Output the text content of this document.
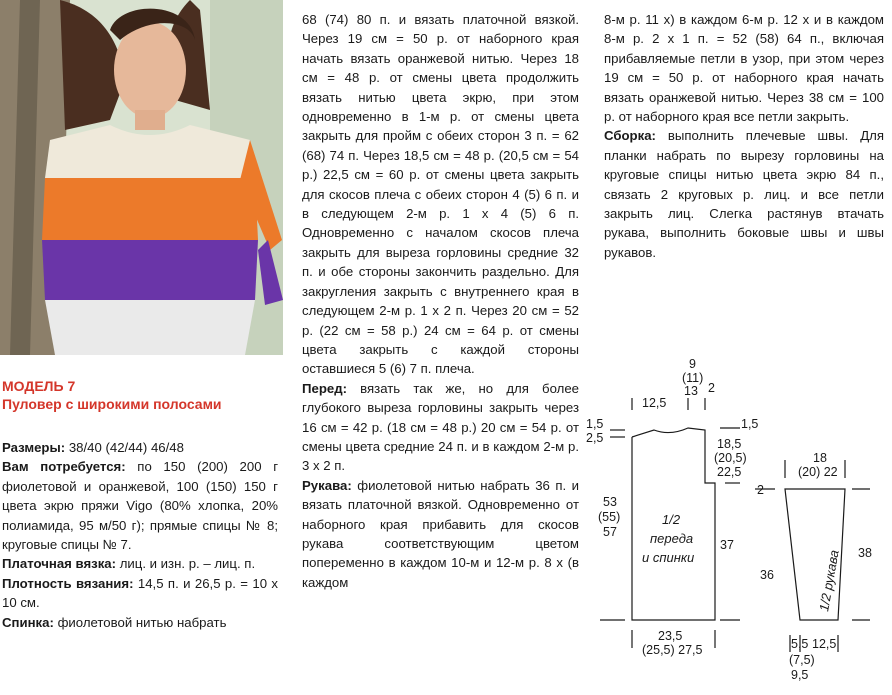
МОДЕЛЬ 7
Пуловер с широкими полосами

Размеры: 38/40 (42/44) 46/48

Вам потребуется: по 150 (200) 200 г фиолетовой и оранжевой, 100 (150) 150 г цвета экрю пряжи Vigo (80% хлопка, 20% полиамида, 95 м/50 г); прямые спицы № 8; круговые спицы № 7.

Платочная вязка: лиц. и изн. р. – лиц. п.

Плотность вязания: 14,5 п. и 26,5 р. = 10 х 10 см.

Спинка: фиолетовой нитью набрать

68 (74) 80 п. и вязать платочной вязкой. Через 19 см = 50 р. от наборного края начать вязать оранжевой нитью. Через 18 см = 48 р. от смены цвета продолжить вязать нитью цвета экрю, при этом одновременно в 1-м р. от смены цвета закрыть для пройм с обеих сторон 3 п. = 62 (68) 74 п. Через 18,5 см = 48 р. (20,5 см = 54 р.) 22,5 см = 60 р. от смены цвета закрыть для скосов плеча с обеих сторон 4 (5) 6 п. и в следующем 2-м р. 1 х 4 (5) 6 п. Одновременно с началом скосов плеча закрыть для выреза горловины средние 32 п. и обе стороны закончить раздельно. Для закругления закрыть с внутреннего края в следующем 2-м р. 1 х 2 п. Через 20 см = 52 р. (22 см = 58 р.) 24 см = 64 р. от смены цвета закрыть с каждой стороны оставшиеся 5 (6) 7 п. плеча.

Перед: вязать так же, но для более глубокого выреза горловины закрыть через 16 см = 42 р. (18 см = 48 р.) 20 см = 54 р. от смены цвета средние 24 п. и в каждом 2-м р. 3 х 2 п.

Рукава: фиолетовой нитью набрать 36 п. и вязать платочной вязкой. Одновременно от наборного края прибавить для скосов рукава соответствующим цветом попеременно в каждом 10-м и 12-м р. 8 х (в каждом

8-м р. 11 х) в каждом 6-м р. 12 х и в каждом 8-м р. 2 х 1 п. = 52 (58) 64 п., включая прибавляемые петли в узор, при этом через 19 см = 50 р. от наборного края начать вязать оранжевой нитью. Через 38 см = 100 р. от наборного края все петли закрыть.

Сборка: выполнить плечевые швы. Для планки набрать по вырезу горловины на круговые спицы нитью цвета экрю 84 п., связать 2 круговых р. лиц. и все петли закрыть лиц. Слегка растянув втачать рукава, выполнить боковые швы и швы рукавов.

12,5
9
(11)
13 2
1,5
2,5
1,5
18,5
(20,5)
22,5
53
(55)
57
1/2
переда
и спинки
37
36
23,5
(25,5) 27,5
18
(20) 22
2
38
1/2 рукава
5,5
(7,5)
9,5
12,5
